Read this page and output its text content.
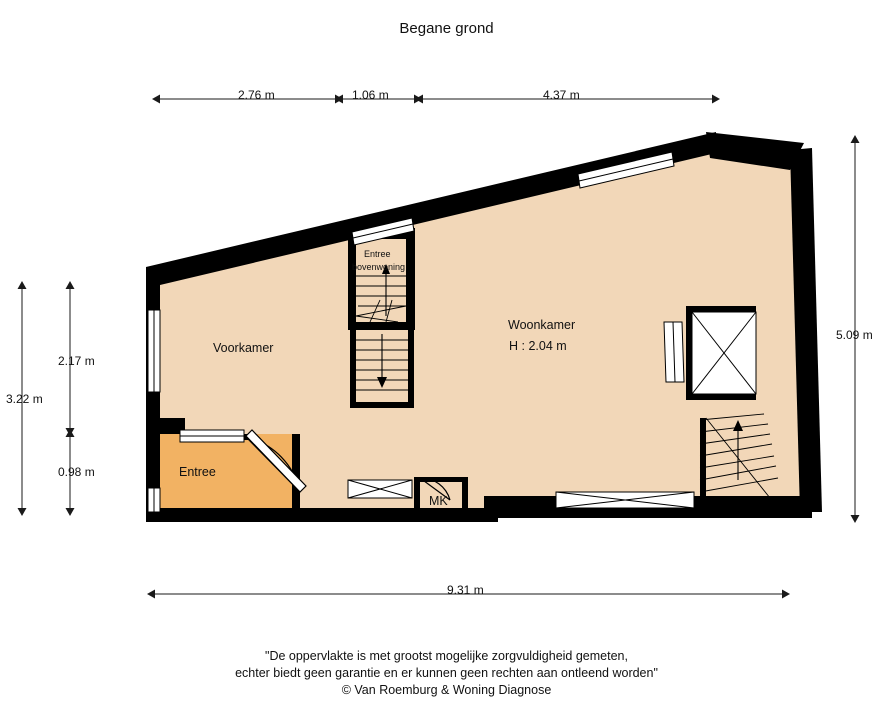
Begane grond
2.76 m	1.06 m	4.37 m
5.09 m
3.22 m
2.17 m
0.98 m
9.31 m
Voorkamer
Woonkamer
H : 2.04 m
Entree
Entree
bovenwoning
MK
"De oppervlakte is met grootst mogelijke zorgvuldigheid gemeten,
echter biedt geen garantie en er kunnen geen rechten aan ontleend worden"
© Van Roemburg & Woning Diagnose
